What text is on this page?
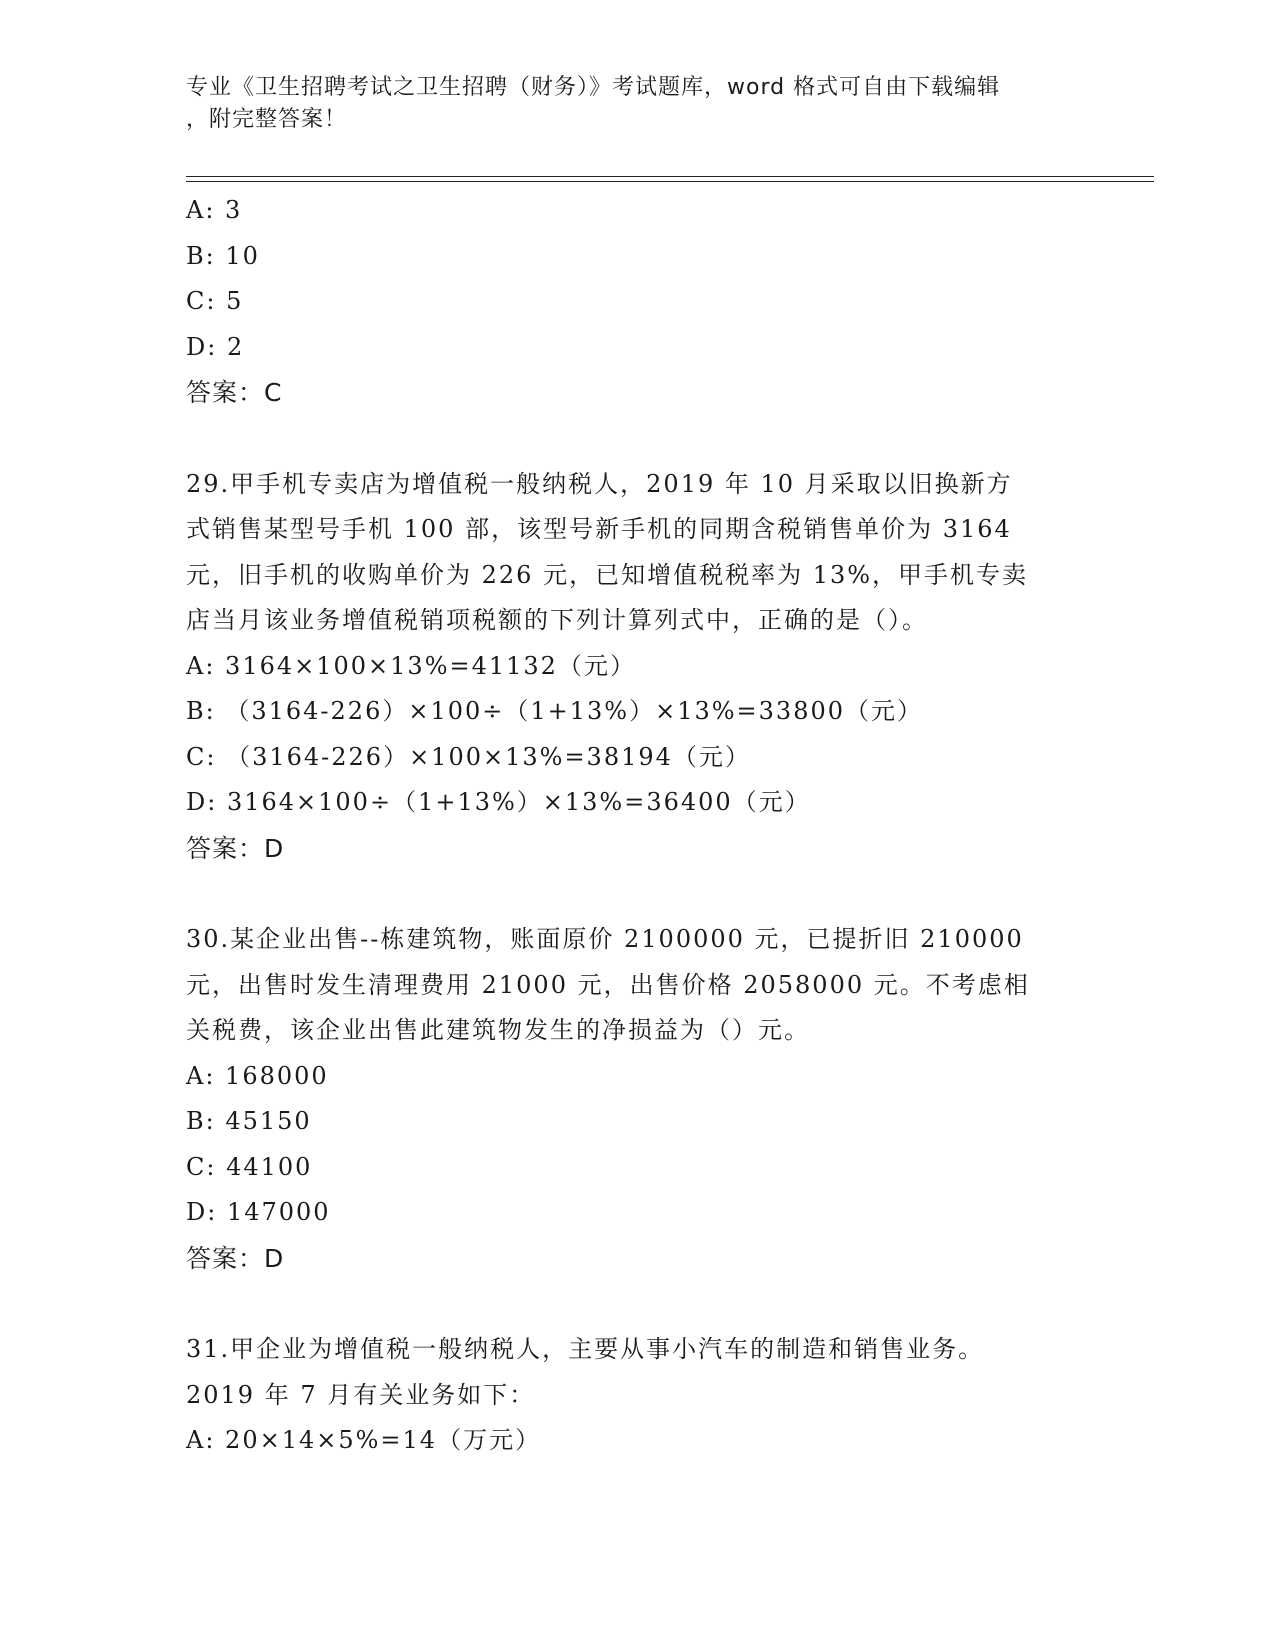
专业《卫生招聘考试之卫生招聘（财务）》考试题库，word 格式可自由下载编辑
，附完整答案！
A: 3
B: 10
C: 5
D: 2
答案：C
29.甲手机专卖店为增值税一般纳税人，2019 年 10 月采取以旧换新方
式销售某型号手机 100 部，该型号新手机的同期含税销售单价为 3164
元，旧手机的收购单价为 226 元，已知增值税税率为 13%，甲手机专卖
店当月该业务增值税销项税额的下列计算列式中，正确的是（）。
A: 3164×100×13%=41132（元）
B: （3164-226）×100÷（1+13%）×13%=33800（元）
C: （3164-226）×100×13%=38194（元）
D: 3164×100÷（1+13%）×13%=36400（元）
答案：D
30.某企业出售--栋建筑物，账面原价 2100000 元，已提折旧 210000
元，出售时发生清理费用 21000 元，出售价格 2058000 元。不考虑相
关税费，该企业出售此建筑物发生的净损益为（）元。
A: 168000
B: 45150
C: 44100
D: 147000
答案：D
31.甲企业为增值税一般纳税人，主要从事小汽车的制造和销售业务。
2019 年 7 月有关业务如下：
A: 20×14×5%=14（万元）
